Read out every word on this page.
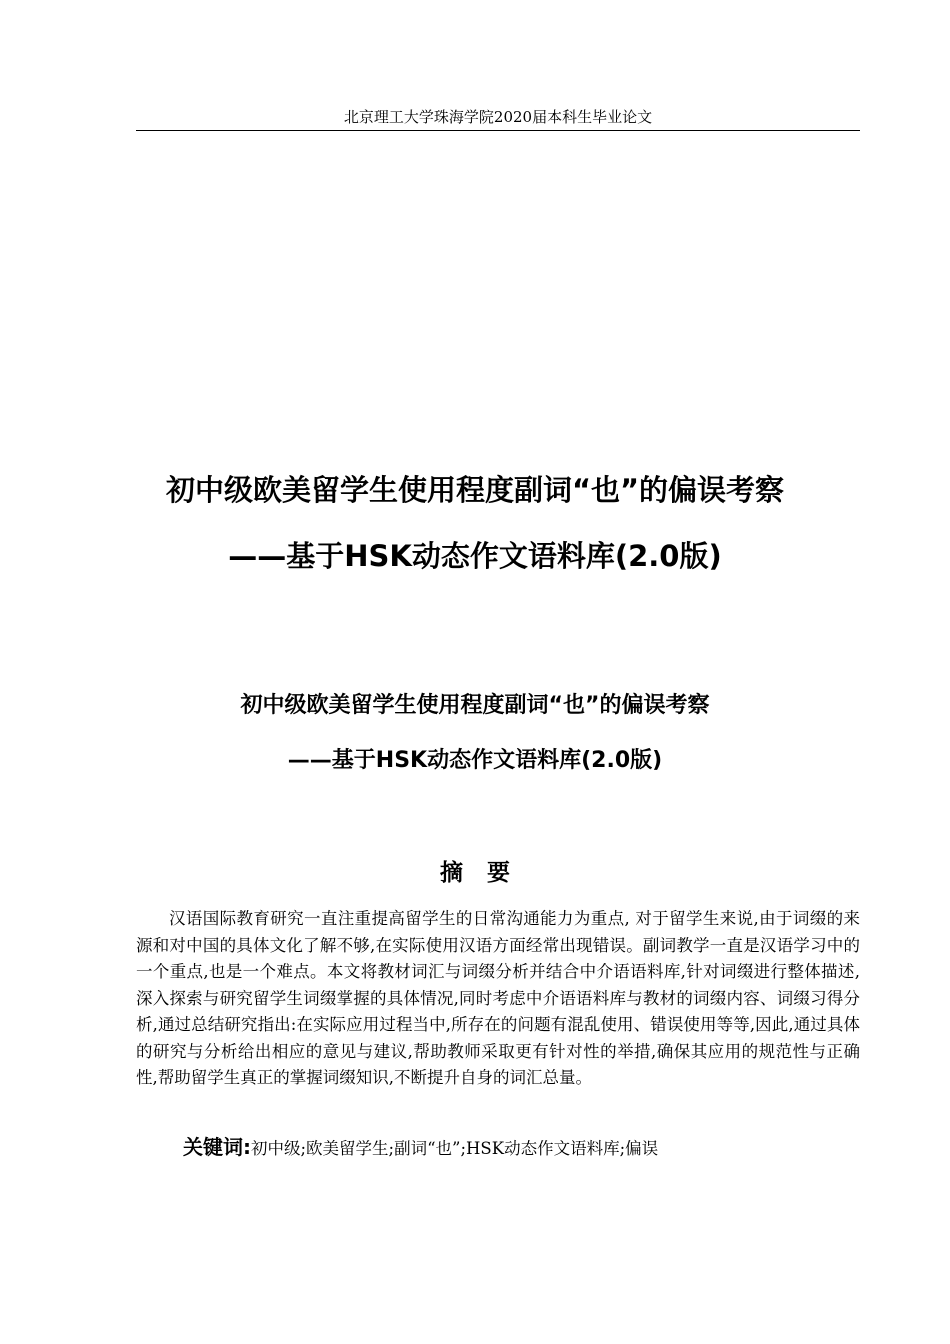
北京理工大学珠海学院2020届本科生毕业论文
初中级欧美留学生使用程度副词“也”的偏误考察
——基于HSK动态作文语料库(2.0版)
初中级欧美留学生使用程度副词“也”的偏误考察
——基于HSK动态作文语料库(2.0版)
摘要

汉语国际教育研究一直注重提高留学生的日常沟通能力为重点, 对于留学生来说,由于词缀的来源和对中国的具体文化了解不够,在实际使用汉语方面经常出现错误。副词教学一直是汉语学习中的一个重点,也是一个难点。本文将教材词汇与词缀分析并结合中介语语料库,针对词缀进行整体描述,深入探索与研究留学生词缀掌握的具体情况,同时考虑中介语语料库与教材的词缀内容、词缀习得分析,通过总结研究指出:在实际应用过程当中,所存在的问题有混乱使用、错误使用等等,因此,通过具体的研究与分析给出相应的意见与建议,帮助教师采取更有针对性的举措,确保其应用的规范性与正确性,帮助留学生真正的掌握词缀知识,不断提升自身的词汇总量。

关键词:初中级;欧美留学生;副词“也”;HSK动态作文语料库;偏误
